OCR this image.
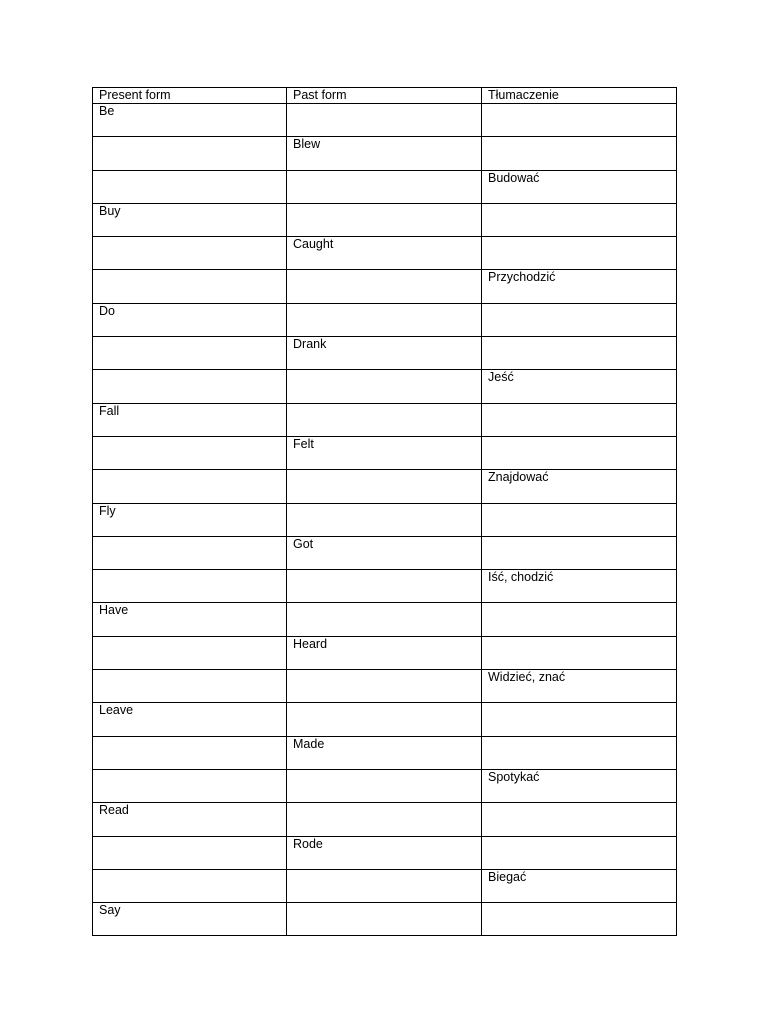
Present form	Past form	Tłumaczenie
Be		
	Blew	
		Budować
Buy		
	Caught	
		Przychodzić
Do		
	Drank	
		Jeść
Fall		
	Felt	
		Znajdować
Fly		
	Got	
		Iść, chodzić
Have		
	Heard	
		Widzieć, znać
Leave		
	Made	
		Spotykać
Read		
	Rode	
		Biegać
Say		
